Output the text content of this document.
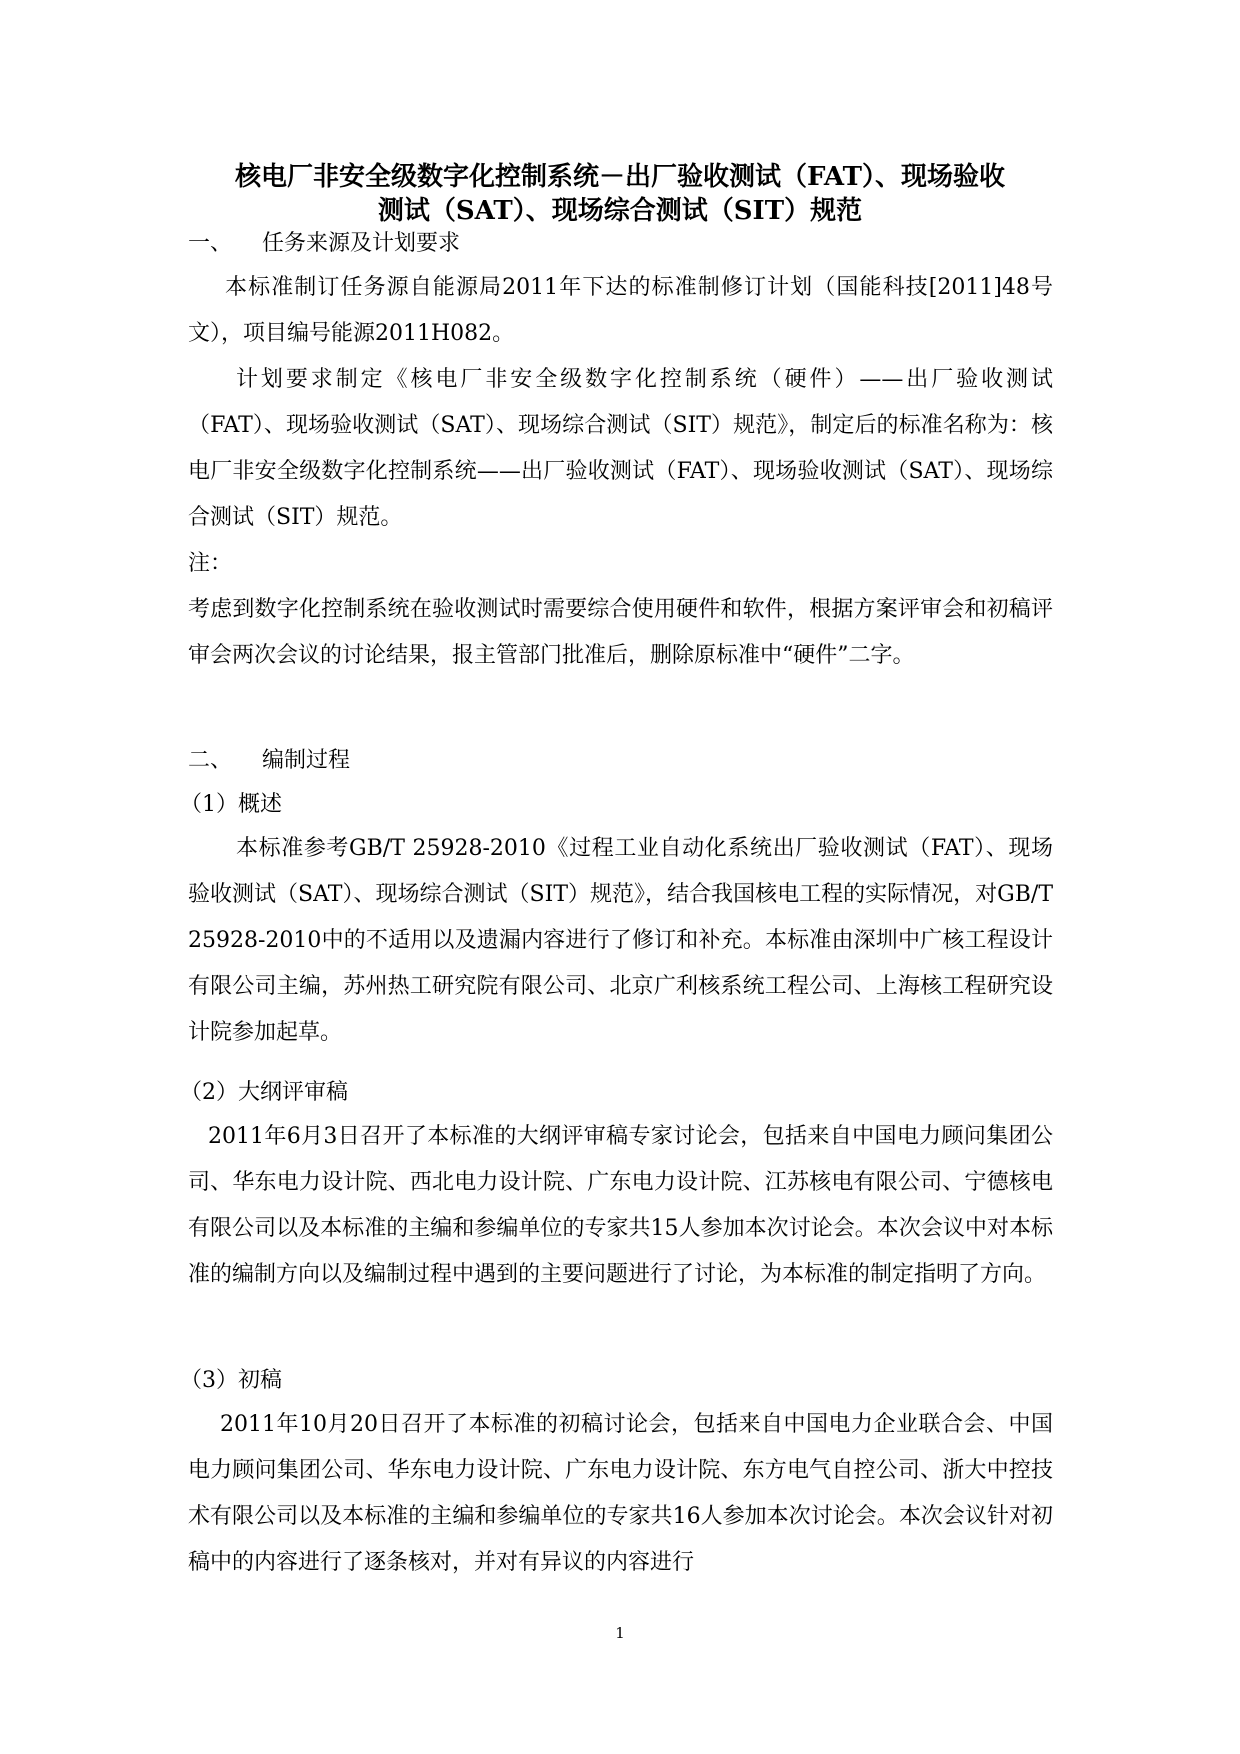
核电厂非安全级数字化控制系统－出厂验收测试（FAT）、现场验收
测试（SAT）、现场综合测试（SIT）规范
一、 任务来源及计划要求

本标准制订任务源自能源局2011年下达的标准制修订计划（国能科技[2011]48号文），项目编号能源2011H082。

计划要求制定《核电厂非安全级数字化控制系统（硬件）——出厂验收测试（FAT）、现场验收测试（SAT）、现场综合测试（SIT）规范》，制定后的标准名称为：核电厂非安全级数字化控制系统——出厂验收测试（FAT）、现场验收测试（SAT）、现场综合测试（SIT）规范。

注：

考虑到数字化控制系统在验收测试时需要综合使用硬件和软件，根据方案评审会和初稿评审会两次会议的讨论结果，报主管部门批准后，删除原标准中“硬件”二字。

二、 编制过程
（1）概述

本标准参考GB/T 25928-2010《过程工业自动化系统出厂验收测试（FAT）、现场验收测试（SAT）、现场综合测试（SIT）规范》，结合我国核电工程的实际情况，对GB/T 25928-2010中的不适用以及遗漏内容进行了修订和补充。本标准由深圳中广核工程设计有限公司主编，苏州热工研究院有限公司、北京广利核系统工程公司、上海核工程研究设计院参加起草。

（2）大纲评审稿

2011年6月3日召开了本标准的大纲评审稿专家讨论会，包括来自中国电力顾问集团公司、华东电力设计院、西北电力设计院、广东电力设计院、江苏核电有限公司、宁德核电有限公司以及本标准的主编和参编单位的专家共15人参加本次讨论会。本次会议中对本标准的编制方向以及编制过程中遇到的主要问题进行了讨论，为本标准的制定指明了方向。

（3）初稿

2011年10月20日召开了本标准的初稿讨论会，包括来自中国电力企业联合会、中国电力顾问集团公司、华东电力设计院、广东电力设计院、东方电气自控公司、浙大中控技术有限公司以及本标准的主编和参编单位的专家共16人参加本次讨论会。本次会议针对初稿中的内容进行了逐条核对，并对有异议的内容进行

1
